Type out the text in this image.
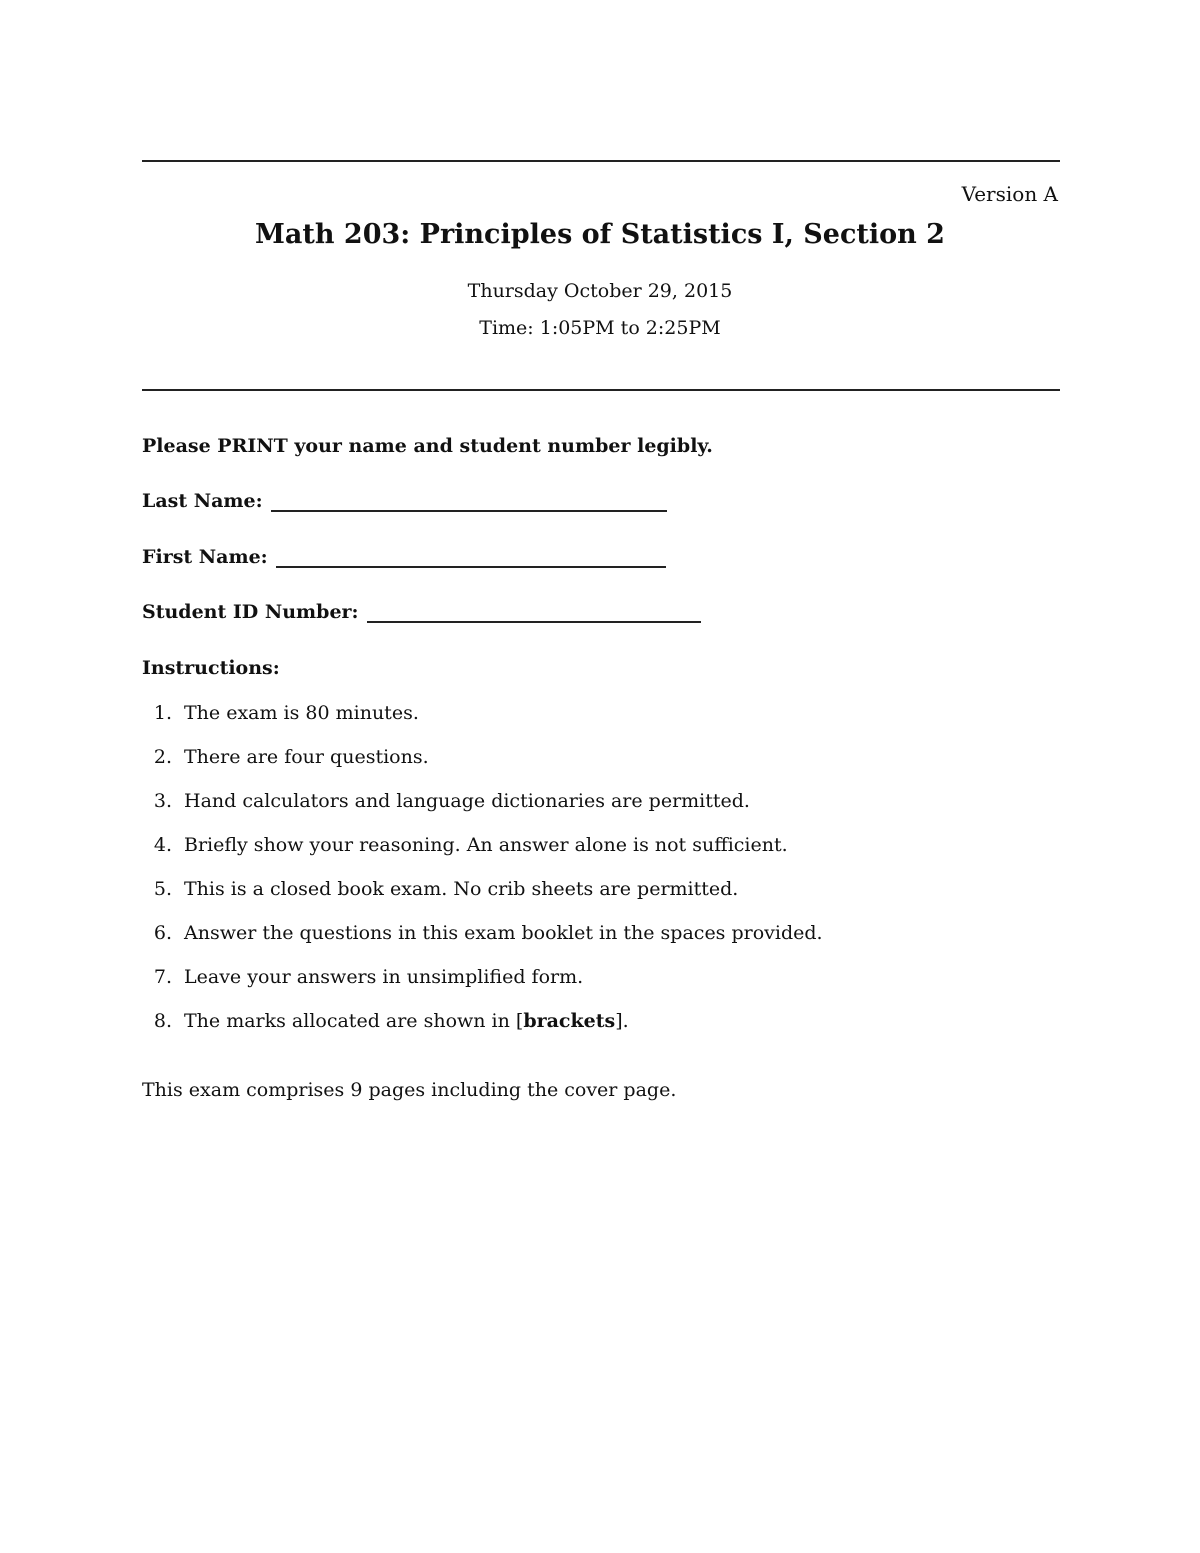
Version A
Math 203: Principles of Statistics I, Section 2
Thursday October 29, 2015
Time: 1:05PM to 2:25PM
Please PRINT your name and student number legibly.
Last Name:
First Name:
Student ID Number:
Instructions:
1. The exam is 80 minutes.
2. There are four questions.
3. Hand calculators and language dictionaries are permitted.
4. Briefly show your reasoning. An answer alone is not sufficient.
5. This is a closed book exam. No crib sheets are permitted.
6. Answer the questions in this exam booklet in the spaces provided.
7. Leave your answers in unsimplified form.
8. The marks allocated are shown in [brackets].
This exam comprises 9 pages including the cover page.
